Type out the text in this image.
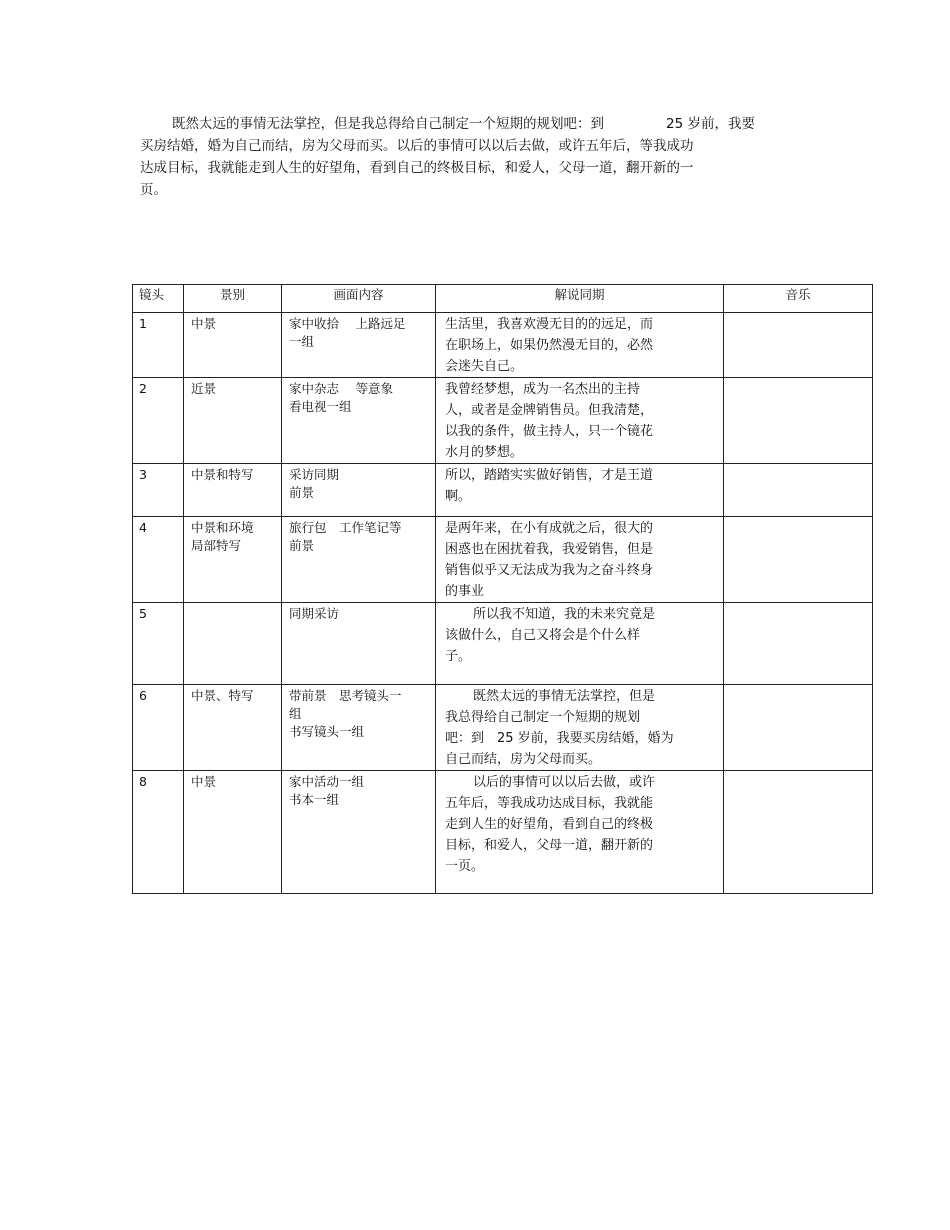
既然太远的事情无法掌控，但是我总得给自己制定一个短期的规划吧：到	25 岁前，我要
买房结婚，婚为自己而结，房为父母而买。以后的事情可以以后去做，或许五年后，等我成功
达成目标，我就能走到人生的好望角，看到自己的终极目标，和爱人，父母一道，翻开新的一
页。
镜头	景别	画面内容	解说同期	音乐

1	中景	家中收拾　 上路远足
一组	生活里，我喜欢漫无目的的远足，而
在职场上，如果仍然漫无目的，必然
会迷失自己。	

2	近景	家中杂志　 等意象
看电视一组	我曾经梦想，成为一名杰出的主持
人，或者是金牌销售员。但我清楚，
以我的条件，做主持人，只一个镜花
水月的梦想。	

3	中景和特写	采访同期
前景	所以，踏踏实实做好销售，才是王道
啊。	

4	中景和环境
局部特写	旅行包　工作笔记等
前景	是两年来，在小有成就之后，很大的
困惑也在困扰着我，我爱销售，但是
销售似乎又无法成为我为之奋斗终身
的事业	

5		同期采访	所以我不知道，我的未来究竟是
该做什么，自己又将会是个什么样
子。	

6	中景、特写	带前景　思考镜头一
组
书写镜头一组	既然太远的事情无法掌控，但是
我总得给自己制定一个短期的规划
吧：到　25 岁前，我要买房结婚，婚为
自己而结，房为父母而买。	

8	中景	家中活动一组
书本一组	以后的事情可以以后去做，或许
五年后，等我成功达成目标，我就能
走到人生的好望角，看到自己的终极
目标，和爱人，父母一道，翻开新的
一页。	
